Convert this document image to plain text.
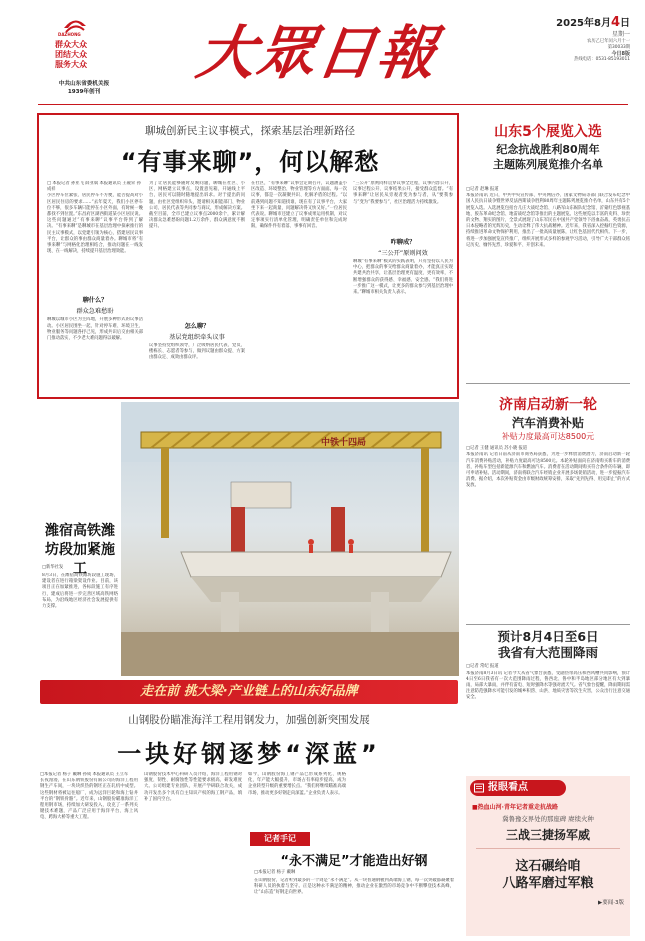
DAZHONG
群众大众
团结大众
服务大众
中共山东省委机关报
1939年创刊
大眾日報	2025年8月4日
星期一
农历乙巳年闰六月十一
第30033期
今日8版
热线电话：0531-85193011
聊城创新民主议事模式，探索基层治理新路径
“有事来聊”，何以解愁
□ 本报记者 孙亚飞 薛亚斌 本报通讯员 王砚荣 孙成祥
小区停车位紧张、居民停车不方便，能否提高对小区居民住房的要求……“去年夏天，我们小区停车位不够，很多车辆只能停在小区外面，有时候一晚都找不到位置。”东昌府区湖西街道某小区居民说。这些问题通过“有事来聊”议事平台得到了解决。“有事来聊”是聊城市在基层治理中探索推行的民主议事模式，以党建引领为核心，搭建居民议事平台，让群众的事由群众商量着办。聊城市将“有事来聊”与网格化治理相结合，推动问题在一线发现、在一线解决，持续提升基层治理效能。
聊什么？
群众急难愁盼
聊城以城市小区为主阵地，开展多种形式的议事活动。小区居民围坐一起，针对停车难、环境卫生、物业服务等问题各抒己见，形成共识后交由相关部门推动落实，不少老大难问题得以破解。
为了让居民能够随时反映问题，聊城在社区、小区、网格建立议事点，设置意见箱，开通线上平台，居民可以随时随地提出诉求。对于提出的问题，由社区党组织牵头，邀请相关职能部门、物业公司、居民代表等共同参与商议，形成解决方案。截至目前，全市已建立议事点2000余个，累计解决群众急难愁盼问题1.2万余件，群众满意度不断提升。
怎么聊？
基层党组织牵头议事
议事坚持党组织领导，广泛吸纳居民代表、党员、楼栋长、志愿者等参与，做到议题由群众提、方案由群众定、成效由群众评。
在社区，“有事来聊”议事会定期召开，议题涵盖小区改造、环境整治、物业管理等方方面面。每一次议事，都是一次凝聚共识、化解矛盾的过程。“以前遇到问题不知道找谁，现在有了议事平台，大家坐下来一起商量，问题解决得又快又好。”一位居民代表说。聊城市还建立了议事成果运用机制，对议定事项实行清单化管理，明确责任单位和完成时限，确保件件有着落、事事有回音。
“三公开”原则同样贯穿议事全过程，议事内容公开、议事过程公开、议事结果公开，接受群众监督。“有事来聊”让居民从旁观者变为参与者，从“要我参与”变为“我要参与”，社区治理活力持续激发。
咋聊成？
“三公开”原则问效
聊城“有事来聊”模式的实践表明，只有坚持以人民为中心，把群众的事交给群众商量着办，才能真正实现共建共治共享，让基层治理更有温度、更有效率，不断增强群众的获得感、幸福感、安全感。“我们将进一步推广这一模式，让更多的群众参与到基层治理中来。”聊城市相关负责人表示。
山东5个展览入选
纪念抗战胜利80周年
主题陈列展览推介名单
□记者 赵琳 报道
本报济南讯 近日，中共中央宣传部、中央网信办、国家文物局等部门联合发布纪念中国人民抗日战争暨世界反法西斯战争胜利80周年主题陈列展览推介名单，山东共有5个展览入选。入选展览包括台儿庄大战纪念馆、八路军山东纵队纪念馆、沂蒙红色影视基地、胶东革命纪念馆、地雷战纪念馆等推出的主题展览。这些展览以丰富的史料、珍贵的文物、翔实的图片，全景式展现了山东军民在中国共产党领导下浴血奋战、英勇抗击日本侵略者的光辉历史，生动诠释了伟大抗战精神。近年来，我省深入挖掘红色资源，持续推进革命文物保护利用，推出了一批高质量展陈，让红色基因代代相传。下一步，将进一步加强展览宣传推广，组织开展形式多样的参观学习活动，引导广大干部群众铭记历史、缅怀先烈、珍爱和平、开创未来。
济南启动新一轮
汽车消费补贴
补贴力度最高可达8500元
□记者 王健 通讯员 苏小晓 报道
本报济南讯 记者日前从济南市商务局获悉，为进一步释放消费潜力，济南启动新一轮汽车消费补贴活动，补贴力度最高可达8500元。本轮补贴面向在济南购买新车的消费者，补贴车型包括新能源汽车和燃油汽车。消费者在活动期间购买符合条件的车辆，即可申请补贴。活动期间，济南将联合汽车经销企业开展多场促销活动，进一步提振汽车消费。据介绍，本次补贴资金由市级财政统筹安排，采取“先到先得、用完即止”的方式发放。
预计8月4日至6日
我省有大范围降雨
□记者 常纪 报道
本报济南8月3日讯 记者今天从省气象台获悉，受副热带高压和西风槽共同影响，预计4日至6日我省有一次大范围降雨过程，鲁西北、鲁中和半岛地区部分地区有大到暴雨，局部大暴雨，并伴有雷电、短时强降水等强对流天气。省气象台提醒，降雨期间需注意防范强降水可能引发的城乡积涝、山洪、地质灾害等次生灾害，公众出行注意交通安全。
潍宿高铁潍坊段加紧施工
□新华社发
8月3日，在潍宿高铁潍坊段施工现场，建设者在进行箱梁架设作业。目前，该项目正在加紧推进，各标段施工有序进行，建成后将进一步完善区域高铁网络布局，为沿线地区经济社会发展提供有力支撑。
中铁十四局
走在前 挑大梁·产业链上的山东好品牌
山钢股份瞄准海洋工程用钢发力，加强创新突围发展
一块好钢逐梦“深蓝”
□本报记者 杨子 戴琳 孙成 本报通讯员 王立军
长夜漫漫，在山东钢铁股份有限公司的海洋工程用钢生产车间，一块块炽热的钢坯正在轧机中成型。这些钢材将被运往船厂，成为远洋巨轮和海上钻井平台的“钢铁骨骼”。近年来，山钢股份瞄准海洋工程用钢市场，持续加大研发投入，攻克了一系列关键技术难题，产品广泛应用于海洋平台、海上风电、跨海大桥等重大工程。
山钢股份技术中心科研人员介绍，海洋工程用钢对强度、韧性、耐腐蚀性等性能要求极高，研发难度大。公司组建专业团队，开展产学研联合攻关，成功开发出多个具有自主知识产权的海工钢产品，填补了国内空白。
如今，山钢股份海工钢产品已形成系列化、规格化，年产能大幅提升，市场占有率稳步提高，成为企业转型升级的重要增长点。“我们将继续瞄准高端市场，推动更多好钢走向深蓝。”企业负责人表示。
记者手记
“永不满足”才能造出好钢
□本报记者 杨子 戴琳
在山钢股份，记者听到最多的一个词是“永不满足”。从一块普通钢板到高端海工钢，每一次突破都凝聚着科研人员的执着与坚守。正是这种永不满足的精神，推动企业在激烈的市场竞争中不断攀登技术高峰，让“山东造”好钢走向世界。
报眼看点
■热血山河·青年记者重走抗战路
冀鲁豫交界处的那座碑 赓续火种
三战三捷扬军威
这石碾给咱
八路军磨过军粮
▶要闻·3版
